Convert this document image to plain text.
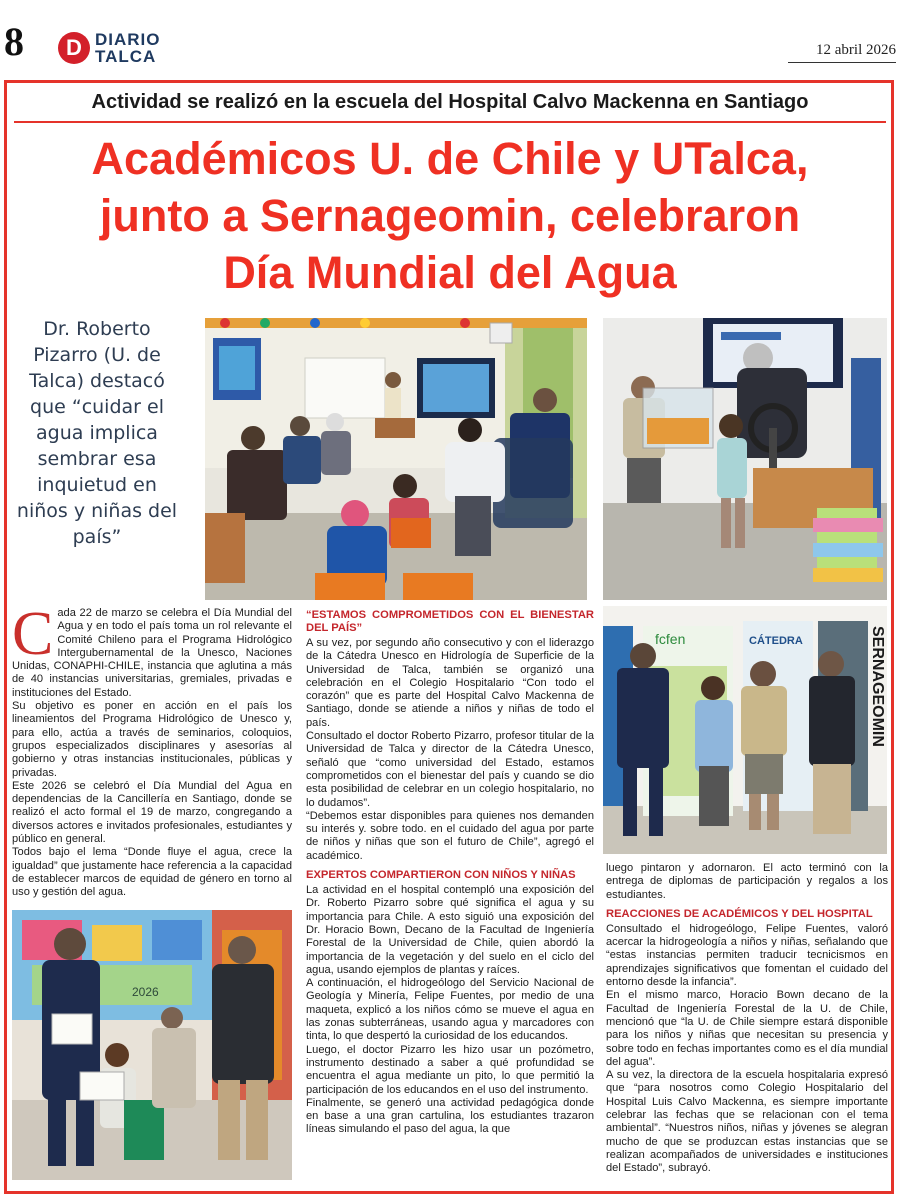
8	D DIARIO
TALCA	12 abril 2026
Actividad se realizó en la escuela del Hospital Calvo Mackenna en Santiago
Académicos U. de Chile y UTalca,
junto a Sernageomin, celebraron
Día Mundial del Agua
Dr. Roberto Pizarro (U. de Talca) destacó que “cuidar el agua implica sembrar esa inquietud en niños y niñas del país”
fcfen	CÁTEDRA	SERNAGEOMIN
2026
C ada 22 de marzo se celebra el Día Mundial del Agua y en todo el país toma un rol relevante el Comité Chileno para el Programa Hidrológico Intergubernamental de la Unesco, Naciones Unidas, CONAPHI-CHILE, instancia que aglutina a más de 40 instancias universitarias, gremiales, privadas e instituciones del Estado.

Su objetivo es poner en acción en el país los lineamientos del Programa Hidrológico de Unesco y, para ello, actúa a través de seminarios, coloquios, grupos especializados disciplinares y asesorías al gobierno y otras instancias institucionales, públicas y privadas.

Este 2026 se celebró el Día Mundial del Agua en dependencias de la Cancillería en Santiago, donde se realizó el acto formal el 19 de marzo, congregando a diversos actores e invitados profesionales, estudiantes y público en general.

Todos bajo el lema “Donde fluye el agua, crece la igualdad” que justamente hace referencia a la capacidad de establecer marcos de equidad de género en torno al uso y gestión del agua.

“ESTAMOS COMPROMETIDOS CON EL BIENESTAR DEL PAÍS”

A su vez, por segundo año consecutivo y con el liderazgo de la Cátedra Unesco en Hidrología de Superficie de la Universidad de Talca, también se organizó una celebración en el Colegio Hospitalario “Con todo el corazón” que es parte del Hospital Calvo Mackenna de Santiago, donde se atiende a niños y niñas de todo el país.

Consultado el doctor Roberto Pizarro, profesor titular de la Universidad de Talca y director de la Cátedra Unesco, señaló que “como universidad del Estado, estamos comprometidos con el bienestar del país y cuando se dio esta posibilidad de celebrar en un colegio hospitalario, no lo dudamos”.

“Debemos estar disponibles para quienes nos demanden su interés y. sobre todo. en el cuidado del agua por parte de niños y niñas que son el futuro de Chile”, agregó el académico.

EXPERTOS COMPARTIERON CON NIÑOS Y NIÑAS

La actividad en el hospital contempló una exposición del Dr. Roberto Pizarro sobre qué significa el agua y su importancia para Chile. A esto siguió una exposición del Dr. Horacio Bown, Decano de la Facultad de Ingeniería Forestal de la Universidad de Chile, quien abordó la importancia de la vegetación y del suelo en el ciclo del agua, usando ejemplos de plantas y raíces.

A continuación, el hidrogeólogo del Servicio Nacional de Geología y Minería, Felipe Fuentes, por medio de una maqueta, explicó a los niños cómo se mueve el agua en las zonas subterráneas, usando agua y marcadores con tinta, lo que despertó la curiosidad de los educandos.

Luego, el doctor Pizarro les hizo usar un pozómetro, instrumento destinado a saber a qué profundidad se encuentra el agua mediante un pito, lo que permitió la participación de los educandos en el uso del instrumento.

Finalmente, se generó una actividad pedagógica donde en base a una gran cartulina, los estudiantes trazaron líneas simulando el paso del agua, la que

luego pintaron y adornaron. El acto terminó con la entrega de diplomas de participación y regalos a los estudiantes.

REACCIONES DE ACADÉMICOS Y DEL HOSPITAL

Consultado el hidrogeólogo, Felipe Fuentes, valoró acercar la hidrogeología a niños y niñas, señalando que “estas instancias permiten traducir tecnicismos en aprendizajes significativos que fomentan el cuidado del entorno desde la infancia”.

En el mismo marco, Horacio Bown decano de la Facultad de Ingeniería Forestal de la U. de Chile, mencionó que “la U. de Chile siempre estará disponible para los niños y niñas que necesitan su presencia y sobre todo en fechas importantes como es el día mundial del agua”.

A su vez, la directora de la escuela hospitalaria expresó que “para nosotros como Colegio Hospitalario del Hospital Luis Calvo Mackenna, es siempre importante celebrar las fechas que se relacionan con el tema ambiental”. “Nuestros niños, niñas y jóvenes se alegran mucho de que se produzcan estas instancias que se realizan acompañados de universidades e instituciones del Estado”, subrayó.
